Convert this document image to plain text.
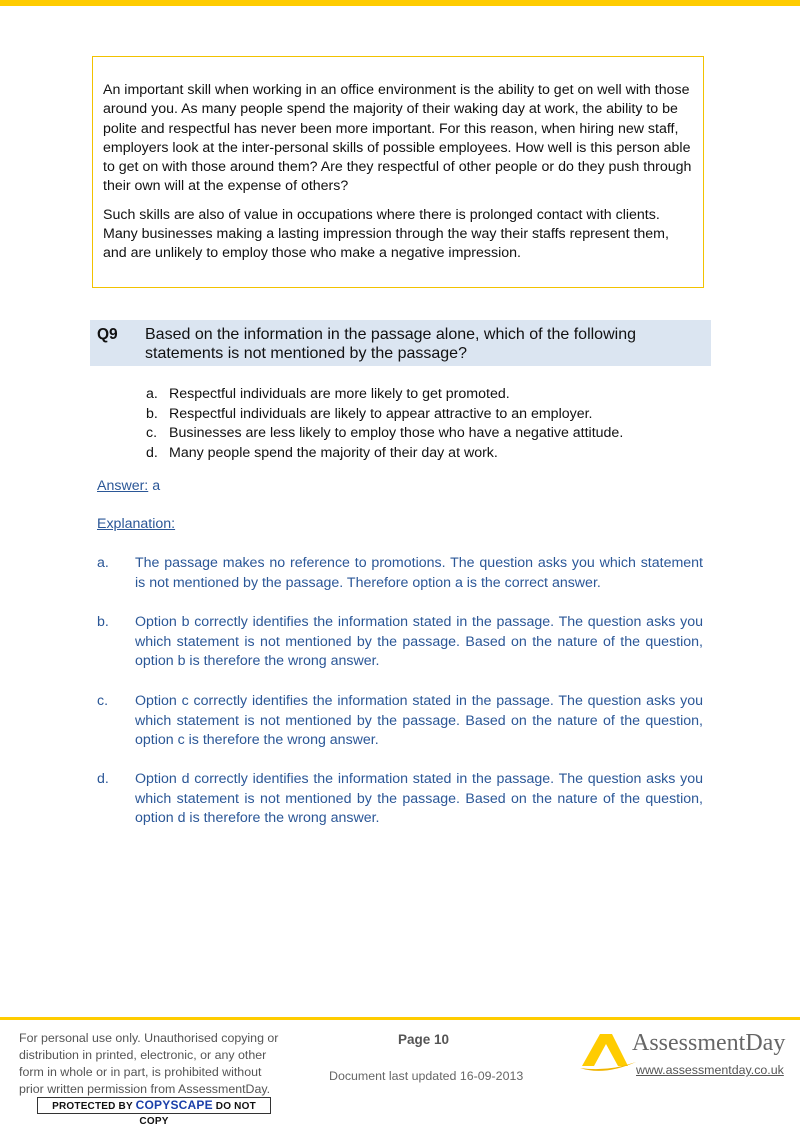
An important skill when working in an office environment is the ability to get on well with those around you. As many people spend the majority of their waking day at work, the ability to be polite and respectful has never been more important. For this reason, when hiring new staff, employers look at the inter-personal skills of possible employees. How well is this person able to get on with those around them? Are they respectful of other people or do they push through their own will at the expense of others?

Such skills are also of value in occupations where there is prolonged contact with clients. Many businesses making a lasting impression through the way their staffs represent them, and are unlikely to employ those who make a negative impression.

Q9 Based on the information in the passage alone, which of the following statements is not mentioned by the passage?
a. Respectful individuals are more likely to get promoted.
b. Respectful individuals are likely to appear attractive to an employer.
c. Businesses are less likely to employ those who have a negative attitude.
d. Many people spend the majority of their day at work.
Answer: a
Explanation:
a. The passage makes no reference to promotions. The question asks you which statement is not mentioned by the passage. Therefore option a is the correct answer.
b. Option b correctly identifies the information stated in the passage. The question asks you which statement is not mentioned by the passage. Based on the nature of the question, option b is therefore the wrong answer.
c. Option c correctly identifies the information stated in the passage. The question asks you which statement is not mentioned by the passage. Based on the nature of the question, option c is therefore the wrong answer.
d. Option d correctly identifies the information stated in the passage. The question asks you which statement is not mentioned by the passage. Based on the nature of the question, option d is therefore the wrong answer.
For personal use only. Unauthorised copying or distribution in printed, electronic, or any other form in whole or in part, is prohibited without prior written permission from AssessmentDay.
PROTECTED BY COPYSCAPE DO NOT COPY
Page 10
Document last updated 16-09-2013
AssessmentDay
www.assessmentday.co.uk
